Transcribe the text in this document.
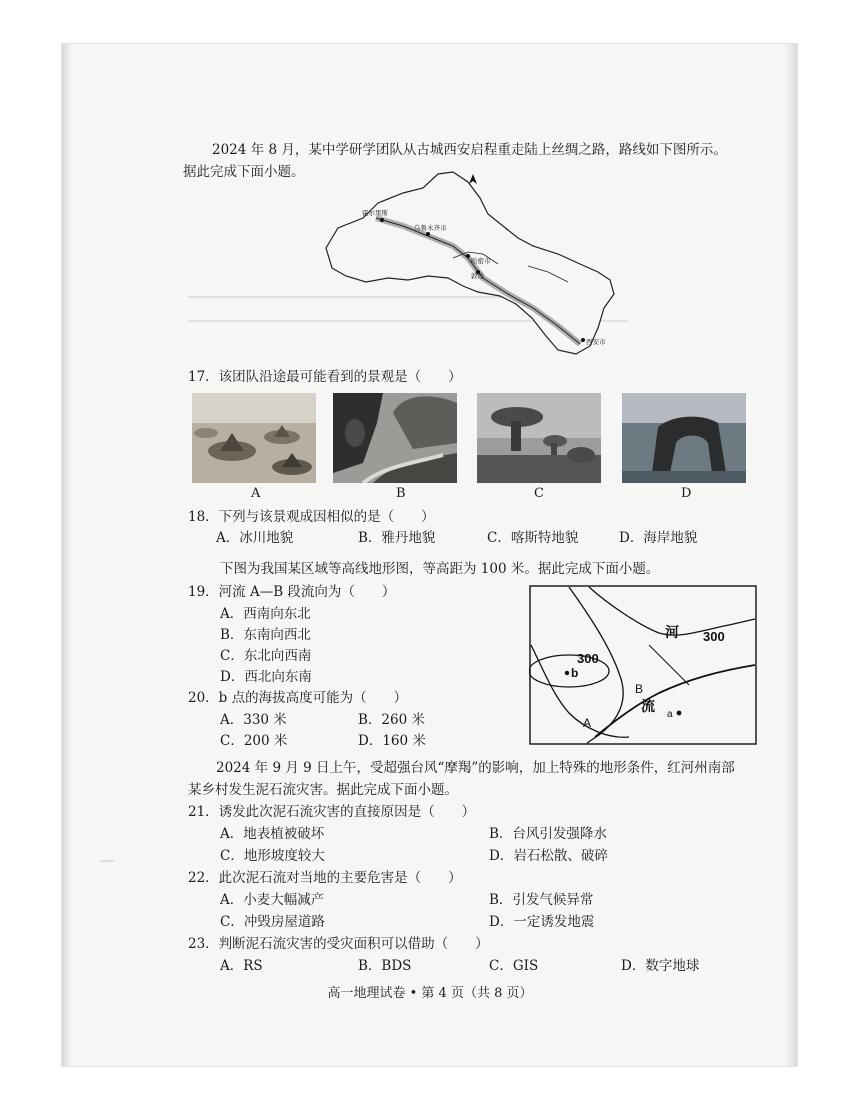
2024 年 8 月，某中学研学团队从古城西安启程重走陆上丝绸之路，路线如下图所示。
据此完成下面小题。
霍尔果斯
乌鲁木齐市
哈密市
敦煌
西安市
17．该团队沿途最可能看到的景观是（　　）
A	B	C	D
18．下列与该景观成因相似的是（　　）
A．冰川地貌	B．雅丹地貌	C．喀斯特地貌	D．海岸地貌
下图为我国某区域等高线地形图，等高距为 100 米。据此完成下面小题。
19．河流 A—B 段流向为（　　）
A．西南向东北
B．东南向西北
C．东北向西南
D．西北向东南
20．b 点的海拔高度可能为（　　）
A．330 米	B．260 米
C．200 米	D．160 米
300
300
河
流
b
a
A
B
2024 年 9 月 9 日上午，受超强台风“摩羯”的影响，加上特殊的地形条件，红河州南部
某乡村发生泥石流灾害。据此完成下面小题。
21．诱发此次泥石流灾害的直接原因是（　　）
A．地表植被破坏	B．台风引发强降水
C．地形坡度较大	D．岩石松散、破碎
22．此次泥石流对当地的主要危害是（　　）
A．小麦大幅减产	B．引发气候异常
C．冲毁房屋道路	D．一定诱发地震
23．判断泥石流灾害的受灾面积可以借助（　　）
A．RS	B．BDS	C．GIS	D．数字地球
高一地理试卷 • 第 4 页（共 8 页）
